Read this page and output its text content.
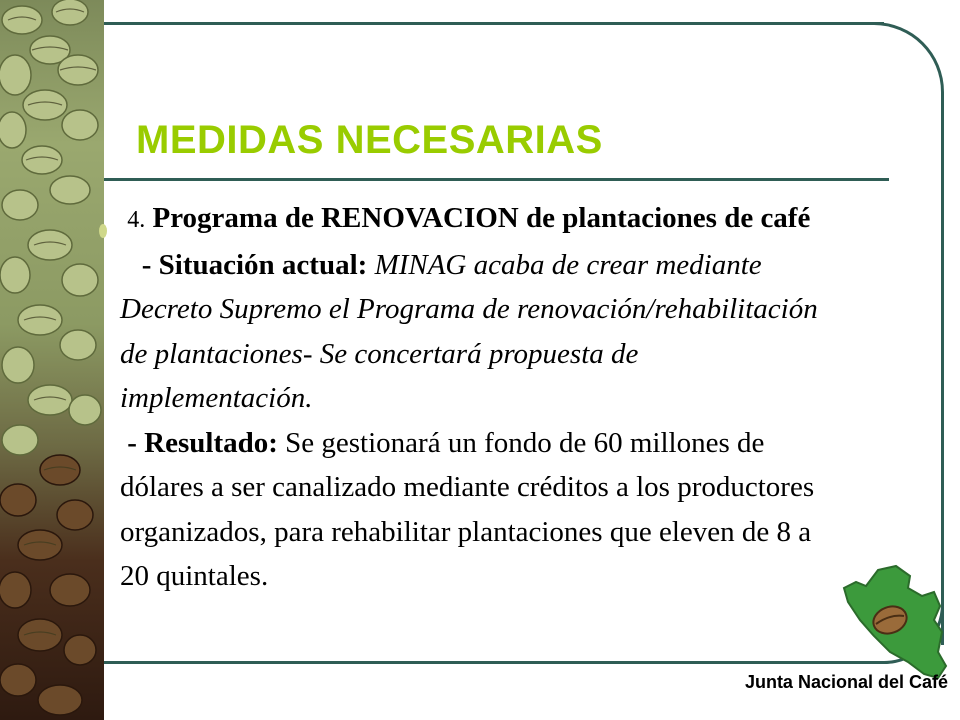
MEDIDAS NECESARIAS

4. Programa de RENOVACION de plantaciones de café

- Situación actual: MINAG acaba de crear mediante Decreto Supremo el Programa de renovación/rehabilitación de plantaciones- Se concertará propuesta de implementación.

- Resultado: Se gestionará un fondo de 60 millones de dólares a ser canalizado mediante créditos a los productores organizados, para rehabilitar plantaciones que eleven de 8 a 20 quintales.

Junta Nacional del Café
